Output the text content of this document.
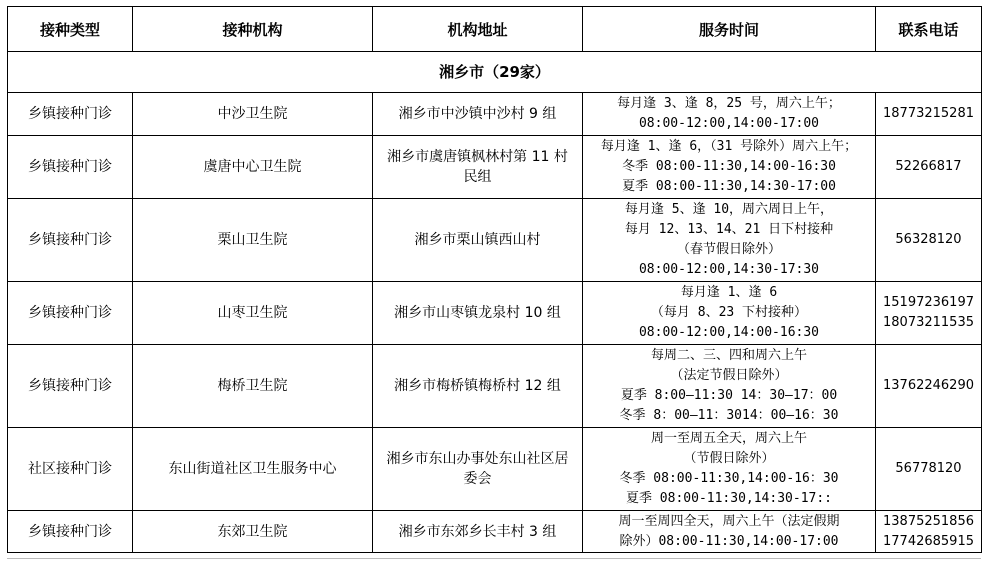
接种类型	接种机构	机构地址	服务时间	联系电话
湘乡市（29家）				
乡镇接种门诊	中沙卫生院	湘乡市中沙镇中沙村 9 组	每月逢 3、逢 8，25 号，周六上午；
08:00-12:00,14:00-17:00	18773215281

乡镇接种门诊	虞唐中心卫生院	湘乡市虞唐镇枫林村第 11 村民组	每月逢 1、逢 6，（31 号除外）周六上午；
冬季 08:00-11:30,14:00-16:30
夏季 08:00-11:30,14:30-17:00	52266817

乡镇接种门诊	栗山卫生院	湘乡市栗山镇西山村	每月逢 5、逢 10，周六周日上午，
每月 12、13、14、21 日下村接种
（春节假日除外）
08:00-12:00,14:30-17:30	56328120

乡镇接种门诊	山枣卫生院	湘乡市山枣镇龙泉村 10 组	每月逢 1、逢 6
（每月 8、23 下村接种）
08:00-12:00,14:00-16:30	15197236197
18073211535

乡镇接种门诊	梅桥卫生院	湘乡市梅桥镇梅桥村 12 组	每周二、三、四和周六上午
（法定节假日除外）
夏季 8:00—11:30 14：30—17：00
冬季 8：00—11：3014：00—16：30	13762246290

社区接种门诊	东山街道社区卫生服务中心	湘乡市东山办事处东山社区居委会	周一至周五全天，周六上午
（节假日除外）
冬季 08:00-11:30,14:00-16：30
夏季 08:00-11:30,14:30-17::	56778120

乡镇接种门诊	东郊卫生院	湘乡市东郊乡长丰村 3 组	周一至周四全天，周六上午（法定假期
除外）08:00-11:30,14:00-17:00	13875251856
17742685915
